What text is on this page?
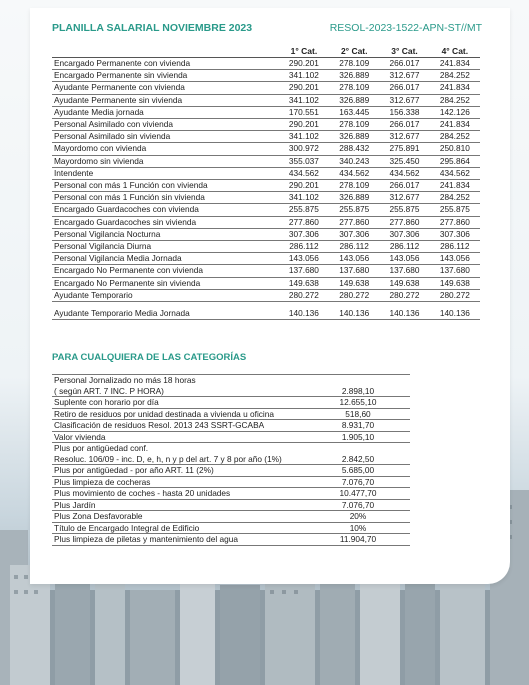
PLANILLA SALARIAL NOVIEMBRE 2023	RESOL-2023-1522-APN-ST//MT
	1° Cat.	2° Cat.	3° Cat.	4° Cat.
Encargado Permanente con vivienda	290.201	278.109	266.017	241.834
Encargado Permanente sin vivienda	341.102	326.889	312.677	284.252
Ayudante Permanente con vivienda	290.201	278.109	266.017	241.834
Ayudante Permanente sin vivienda	341.102	326.889	312.677	284.252
Ayudante Media jornada	170.551	163.445	156.338	142.126
Personal Asimilado con vivienda	290.201	278.109	266.017	241.834
Personal Asimilado sin vivienda	341.102	326.889	312.677	284.252
Mayordomo con vivienda	300.972	288.432	275.891	250.810
Mayordomo sin vivienda	355.037	340.243	325.450	295.864
Intendente	434.562	434.562	434.562	434.562
Personal con más 1 Función con vivienda	290.201	278.109	266.017	241.834
Personal con más 1 Función sin vivienda	341.102	326.889	312.677	284.252
Encargado Guardacoches con vivienda	255.875	255.875	255.875	255.875
Encargado Guardacoches sin vivienda	277.860	277.860	277.860	277.860
Personal Vigilancia Nocturna	307.306	307.306	307.306	307.306
Personal Vigilancia Diurna	286.112	286.112	286.112	286.112
Personal Vigilancia Media Jornada	143.056	143.056	143.056	143.056
Encargado No Permanente con vivienda	137.680	137.680	137.680	137.680
Encargado No Permanente sin vivienda	149.638	149.638	149.638	149.638
Ayudante Temporario	280.272	280.272	280.272	280.272

Ayudante Temporario Media Jornada	140.136	140.136	140.136	140.136
PARA CUALQUIERA DE LAS CATEGORÍAS
Personal Jornalizado no más 18 horas
( según ART. 7 INC. P HORA)	2.898,10

Suplente con horario por día	12.655,10

Retiro de residuos por unidad destinada a vivienda u oficina	518,60

Clasificación de residuos Resol. 2013 243 SSRT-GCABA	8.931,70

Valor vivienda	1.905,10

Plus por antigüedad conf.
Resoluc. 106/09 - inc. D, e, h, n y p del art. 7 y 8 por año (1%)	2.842,50

Plus por antigüedad - por año ART. 11 (2%)	5.685,00

Plus limpieza de cocheras	7.076,70

Plus movimiento de coches - hasta 20 unidades	10.477,70

Plus Jardín	7.076,70

Plus Zona Desfavorable	20%

Título de Encargado Integral de Edificio	10%

Plus limpieza de piletas y mantenimiento del agua	11.904,70
